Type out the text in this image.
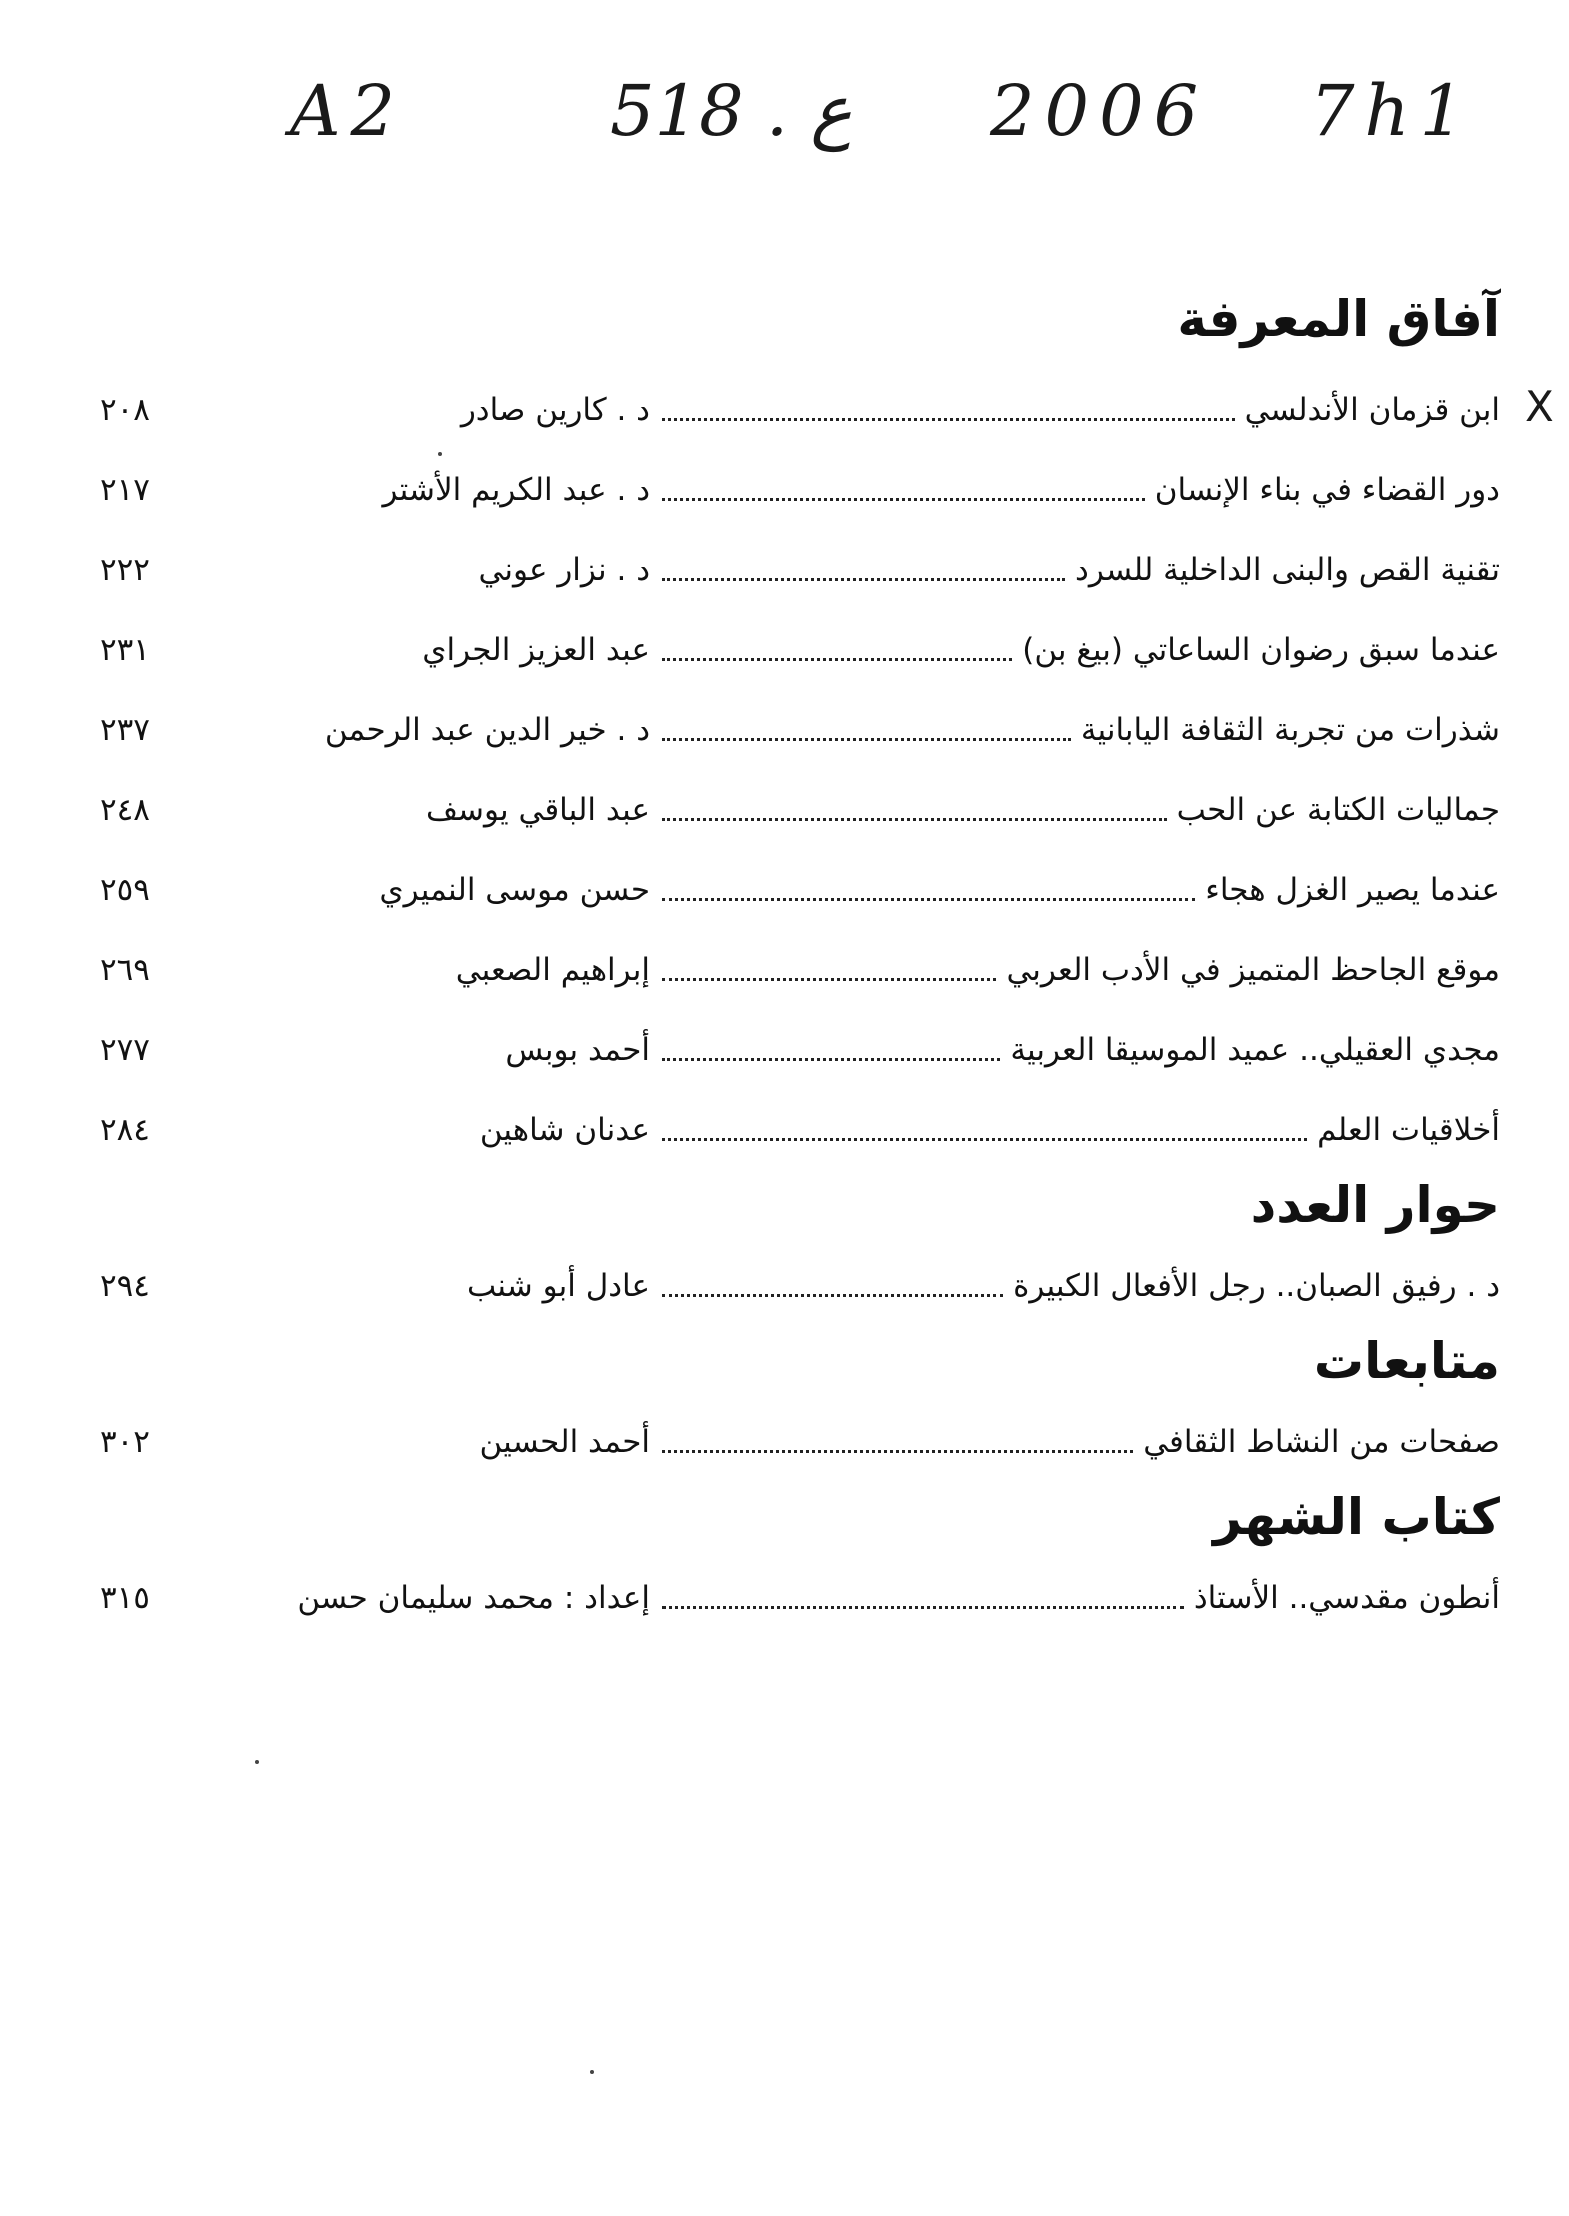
A2	518 . ع 2006 7h1
X
آفاق المعرفة
ابن قزمان الأندلسي
د . كارين صادر
٢٠٨
دور القضاء في بناء الإنسان
د . عبد الكريم الأشتر
٢١٧
تقنية القص والبنى الداخلية للسرد
د . نزار عوني
٢٢٢
عندما سبق رضوان الساعاتي (بيغ بن)
عبد العزيز الجراي
٢٣١
شذرات من تجربة الثقافة اليابانية
د . خير الدين عبد الرحمن
٢٣٧
جماليات الكتابة عن الحب
عبد الباقي يوسف
٢٤٨
عندما يصير الغزل هجاء
حسن موسى النميري
٢٥٩
موقع الجاحظ المتميز في الأدب العربي
إبراهيم الصعبي
٢٦٩
مجدي العقيلي.. عميد الموسيقا العربية
أحمد بوبس
٢٧٧
أخلاقيات العلم
عدنان شاهين
٢٨٤
حوار العدد
د . رفيق الصبان.. رجل الأفعال الكبيرة
عادل أبو شنب
٢٩٤
متابعات
صفحات من النشاط الثقافي
أحمد الحسين
٣٠٢
كتاب الشهر
أنطون مقدسي.. الأستاذ
إعداد : محمد سليمان حسن
٣١٥
